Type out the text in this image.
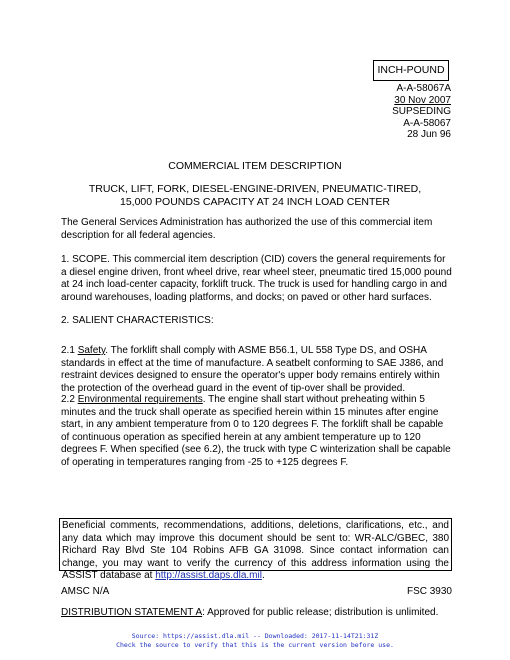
INCH-POUND
A-A-58067A
30 Nov 2007
SUPSEDING
A-A-58067
28 Jun 96
COMMERCIAL ITEM DESCRIPTION
TRUCK, LIFT, FORK, DIESEL-ENGINE-DRIVEN, PNEUMATIC-TIRED,
15,000 POUNDS CAPACITY AT 24 INCH LOAD CENTER
The General Services Administration has authorized the use of this commercial item description for all federal agencies.
1. SCOPE. This commercial item description (CID) covers the general requirements for a diesel engine driven, front wheel drive, rear wheel steer, pneumatic tired 15,000 pound at 24 inch load-center capacity, forklift truck. The truck is used for handling cargo in and around warehouses, loading platforms, and docks; on paved or other hard surfaces.
2. SALIENT CHARACTERISTICS:
2.1 Safety. The forklift shall comply with ASME B56.1, UL 558 Type DS, and OSHA standards in effect at the time of manufacture. A seatbelt conforming to SAE J386, and restraint devices designed to ensure the operator's upper body remains entirely within the protection of the overhead guard in the event of tip-over shall be provided.
2.2 Environmental requirements. The engine shall start without preheating within 5 minutes and the truck shall operate as specified herein within 15 minutes after engine start, in any ambient temperature from 0 to 120 degrees F. The forklift shall be capable of continuous operation as specified herein at any ambient temperature up to 120 degrees F. When specified (see 6.2), the truck with type C winterization shall be capable of operating in temperatures ranging from -25 to +125 degrees F.
Beneficial comments, recommendations, additions, deletions, clarifications, etc., and any data which may improve this document should be sent to: WR-ALC/GBEC, 380 Richard Ray Blvd Ste 104 Robins AFB GA 31098. Since contact information can change, you may want to verify the currency of this address information using the ASSIST database at http://assist.daps.dla.mil.
AMSC N/A	FSC 3930
DISTRIBUTION STATEMENT A: Approved for public release; distribution is unlimited.
Source: https://assist.dla.mil -- Downloaded: 2017-11-14T21:31Z
Check the source to verify that this is the current version before use.
